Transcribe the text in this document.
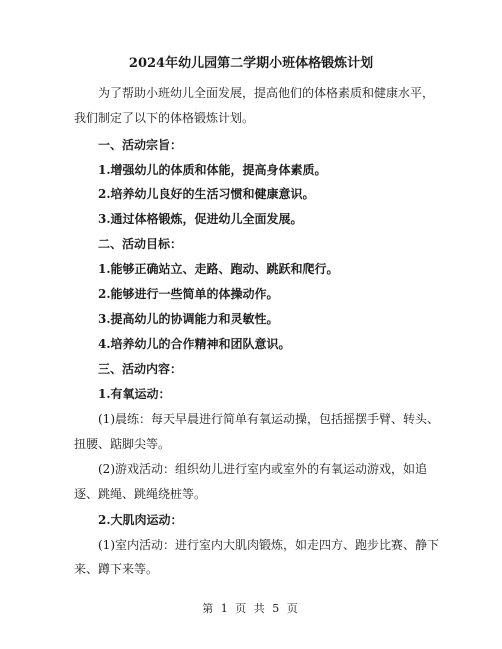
2024年幼儿园第二学期小班体格锻炼计划
为了帮助小班幼儿全面发展，提高他们的体格素质和健康水平，
我们制定了以下的体格锻炼计划。
一、活动宗旨：
1.增强幼儿的体质和体能，提高身体素质。
2.培养幼儿良好的生活习惯和健康意识。
3.通过体格锻炼，促进幼儿全面发展。
二、活动目标：
1.能够正确站立、走路、跑动、跳跃和爬行。
2.能够进行一些简单的体操动作。
3.提高幼儿的协调能力和灵敏性。
4.培养幼儿的合作精神和团队意识。
三、活动内容：
1.有氧运动：
(1)晨练：每天早晨进行简单有氧运动操，包括摇摆手臂、转头、
扭腰、踮脚尖等。
(2)游戏活动：组织幼儿进行室内或室外的有氧运动游戏，如追
逐、跳绳、跳绳绕桩等。
2.大肌肉运动：
(1)室内活动：进行室内大肌肉锻炼，如走四方、跑步比赛、静下
来、蹲下来等。
第 1 页 共 5 页
